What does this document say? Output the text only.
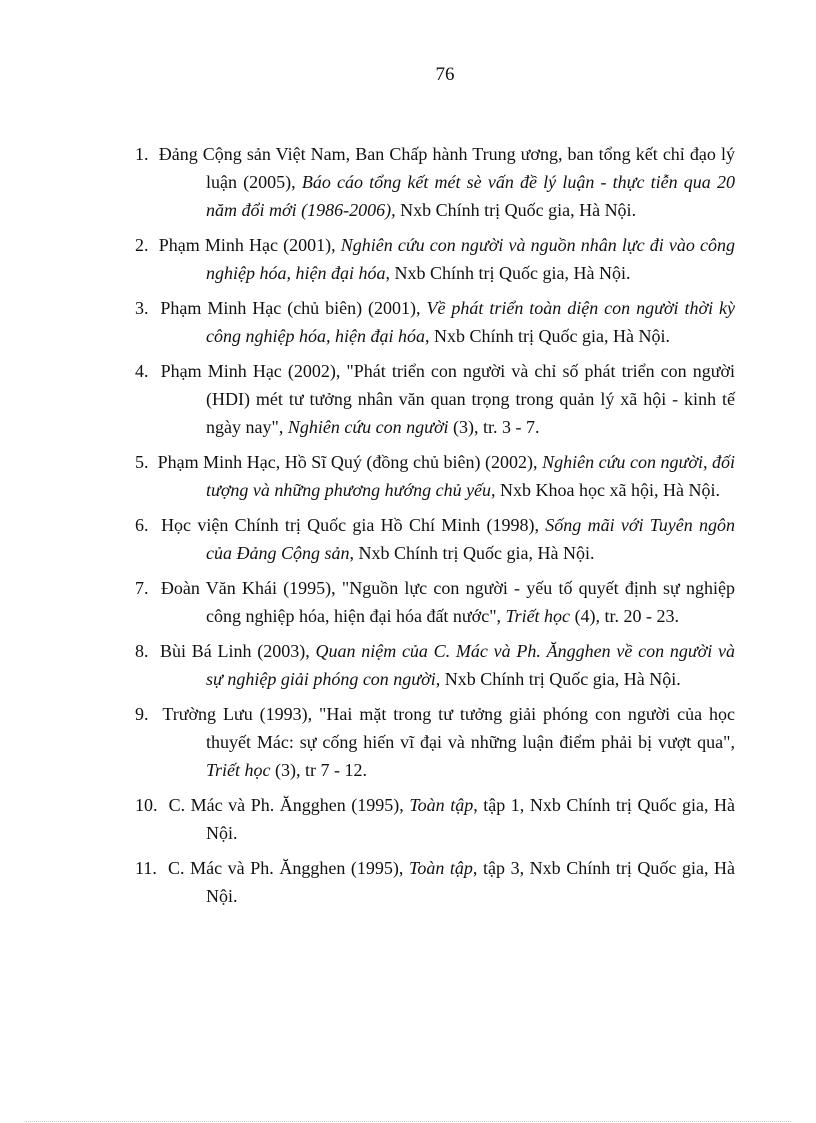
76
1. Đảng Cộng sản Việt Nam, Ban Chấp hành Trung ương, ban tổng kết chỉ đạo lý luận (2005), Báo cáo tổng kết mét sè vấn đề lý luận - thực tiễn qua 20 năm đổi mới (1986-2006), Nxb Chính trị Quốc gia, Hà Nội.
2. Phạm Minh Hạc (2001), Nghiên cứu con người và nguồn nhân lực đi vào công nghiệp hóa, hiện đại hóa, Nxb Chính trị Quốc gia, Hà Nội.
3. Phạm Minh Hạc (chủ biên) (2001), Về phát triển toàn diện con người thời kỳ công nghiệp hóa, hiện đại hóa, Nxb Chính trị Quốc gia, Hà Nội.
4. Phạm Minh Hạc (2002), "Phát triển con người và chỉ số phát triển con người (HDI) mét tư tưởng nhân văn quan trọng trong quản lý xã hội - kinh tế ngày nay", Nghiên cứu con người (3), tr. 3 - 7.
5. Phạm Minh Hạc, Hồ Sĩ Quý (đồng chủ biên) (2002), Nghiên cứu con người, đối tượng và những phương hướng chủ yếu, Nxb Khoa học xã hội, Hà Nội.
6. Học viện Chính trị Quốc gia Hồ Chí Minh (1998), Sống mãi với Tuyên ngôn của Đảng Cộng sản, Nxb Chính trị Quốc gia, Hà Nội.
7. Đoàn Văn Khái (1995), "Nguồn lực con người - yếu tố quyết định sự nghiệp công nghiệp hóa, hiện đại hóa đất nước", Triết học (4), tr. 20 - 23.
8. Bùi Bá Linh (2003), Quan niệm của C. Mác và Ph. Ăngghen về con người và sự nghiệp giải phóng con người, Nxb Chính trị Quốc gia, Hà Nội.
9. Trường Lưu (1993), "Hai mặt trong tư tưởng giải phóng con người của học thuyết Mác: sự cống hiến vĩ đại và những luận điểm phải bị vượt qua", Triết học (3), tr 7 - 12.
10. C. Mác và Ph. Ăngghen (1995), Toàn tập, tập 1, Nxb Chính trị Quốc gia, Hà Nội.
11. C. Mác và Ph. Ăngghen (1995), Toàn tập, tập 3, Nxb Chính trị Quốc gia, Hà Nội.
